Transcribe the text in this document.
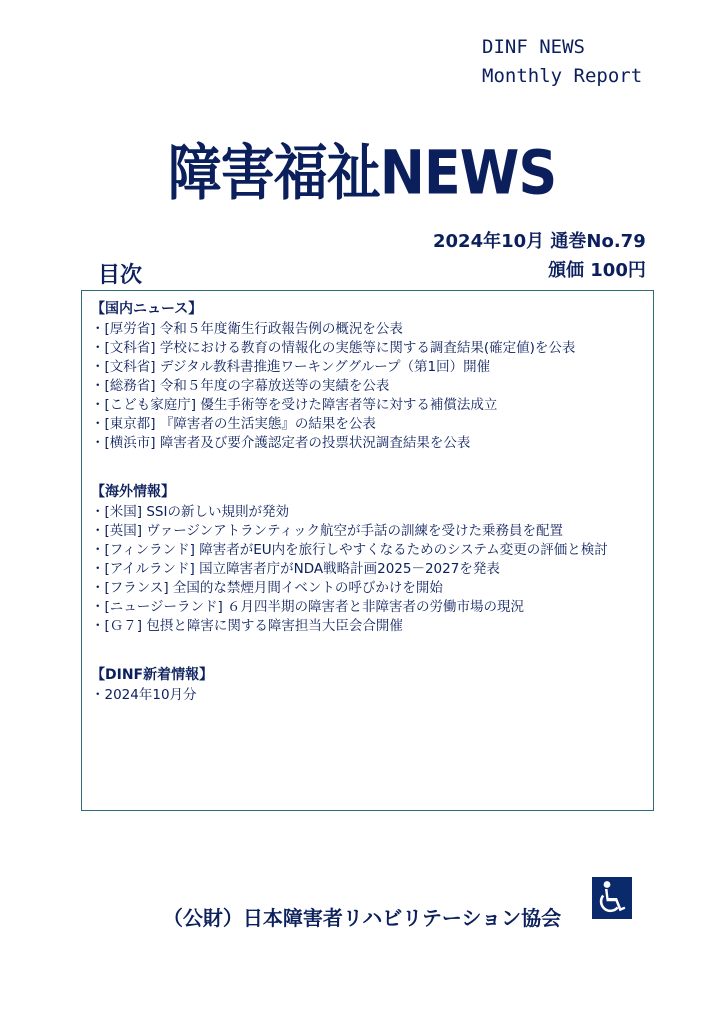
DINF NEWS
Monthly Report
障害福祉NEWS
2024年10月 通巻No.79
頒価 100円
目次
【国内ニュース】
・[厚労省] 令和５年度衛生行政報告例の概況を公表
・[文科省] 学校における教育の情報化の実態等に関する調査結果(確定値)を公表
・[文科省] デジタル教科書推進ワーキンググループ（第1回）開催
・[総務省] 令和５年度の字幕放送等の実績を公表
・[こども家庭庁] 優生手術等を受けた障害者等に対する補償法成立
・[東京都] 『障害者の生活実態』の結果を公表
・[横浜市] 障害者及び要介護認定者の投票状況調査結果を公表
【海外情報】
・[米国] SSIの新しい規則が発効
・[英国] ヴァージンアトランティック航空が手話の訓練を受けた乗務員を配置
・[フィンランド] 障害者がEU内を旅行しやすくなるためのシステム変更の評価と検討
・[アイルランド] 国立障害者庁がNDA戦略計画2025－2027を発表
・[フランス] 全国的な禁煙月間イベントの呼びかけを開始
・[ニュージーランド] ６月四半期の障害者と非障害者の労働市場の現況
・[Ｇ７] 包摂と障害に関する障害担当大臣会合開催
【DINF新着情報】
・2024年10月分
（公財）日本障害者リハビリテーション協会
